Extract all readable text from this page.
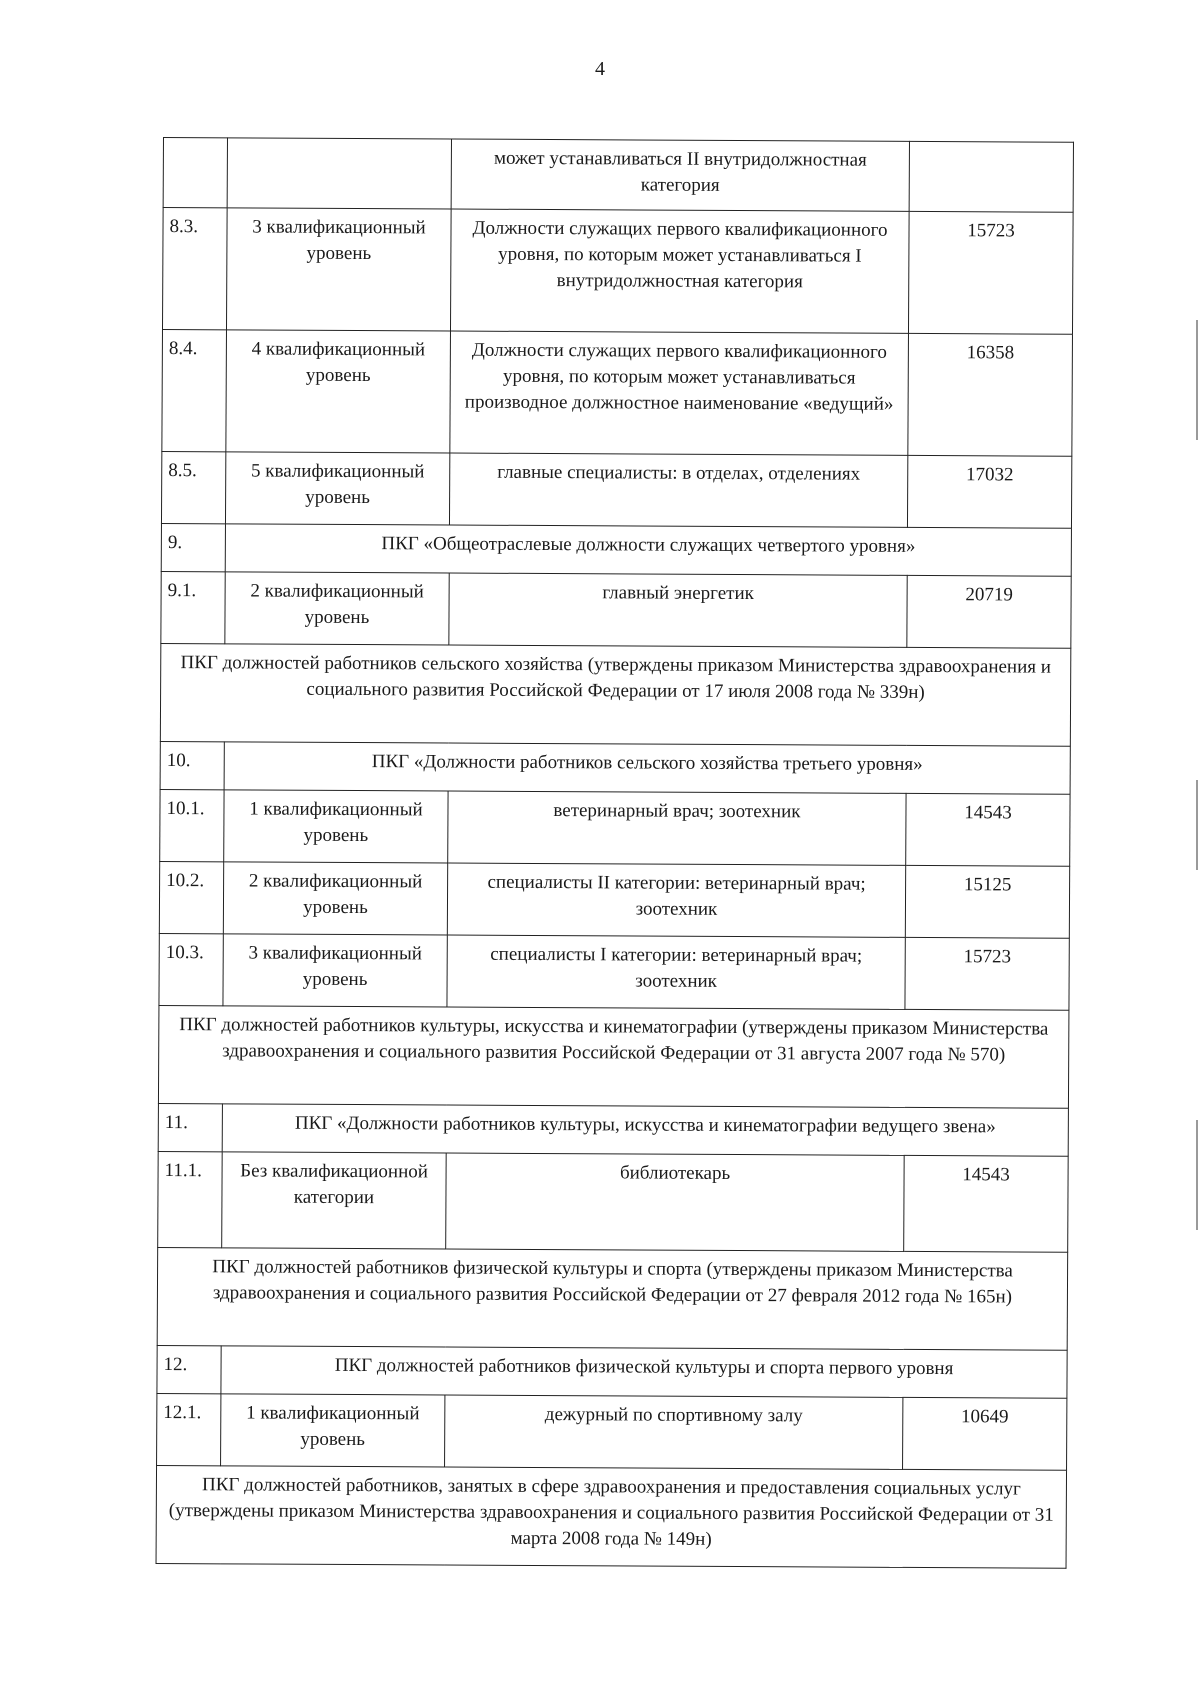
4
		может устанавливаться II внутридолжностная категория	
8.3.	3 квалификационный уровень	Должности служащих первого квалификационного уровня, по которым может устанавливаться I внутридолжностная категория	15723
8.4.	4 квалификационный уровень	Должности служащих первого квалификационного уровня, по которым может устанавливаться производное должностное наименование «ведущий»	16358
8.5.	5 квалификационный уровень	главные специалисты: в отделах, отделениях	17032
9.	ПКГ «Общеотраслевые должности служащих четвертого уровня»		
9.1.	2 квалификационный уровень	главный энергетик	20719
ПКГ должностей работников сельского хозяйства (утверждены приказом Министерства здравоохранения и социального развития Российской Федерации от 17 июля 2008 года № 339н)			
10.	ПКГ «Должности работников сельского хозяйства третьего уровня»		
10.1.	1 квалификационный уровень	ветеринарный врач; зоотехник	14543
10.2.	2 квалификационный уровень	специалисты II категории: ветеринарный врач; зоотехник	15125
10.3.	3 квалификационный уровень	специалисты I категории: ветеринарный врач; зоотехник	15723
ПКГ должностей работников культуры, искусства и кинематографии (утверждены приказом Министерства здравоохранения и социального развития Российской Федерации от 31 августа 2007 года № 570)			
11.	ПКГ «Должности работников культуры, искусства и кинематографии ведущего звена»		
11.1.	Без квалификационной категории	библиотекарь	14543
ПКГ должностей работников физической культуры и спорта (утверждены приказом Министерства здравоохранения и социального развития Российской Федерации от 27 февраля 2012 года № 165н)			
12.	ПКГ должностей работников физической культуры и спорта первого уровня		
12.1.	1 квалификационный уровень	дежурный по спортивному залу	10649
ПКГ должностей работников, занятых в сфере здравоохранения и предоставления социальных услуг (утверждены приказом Министерства здравоохранения и социального развития Российской Федерации от 31 марта 2008 года № 149н)			
